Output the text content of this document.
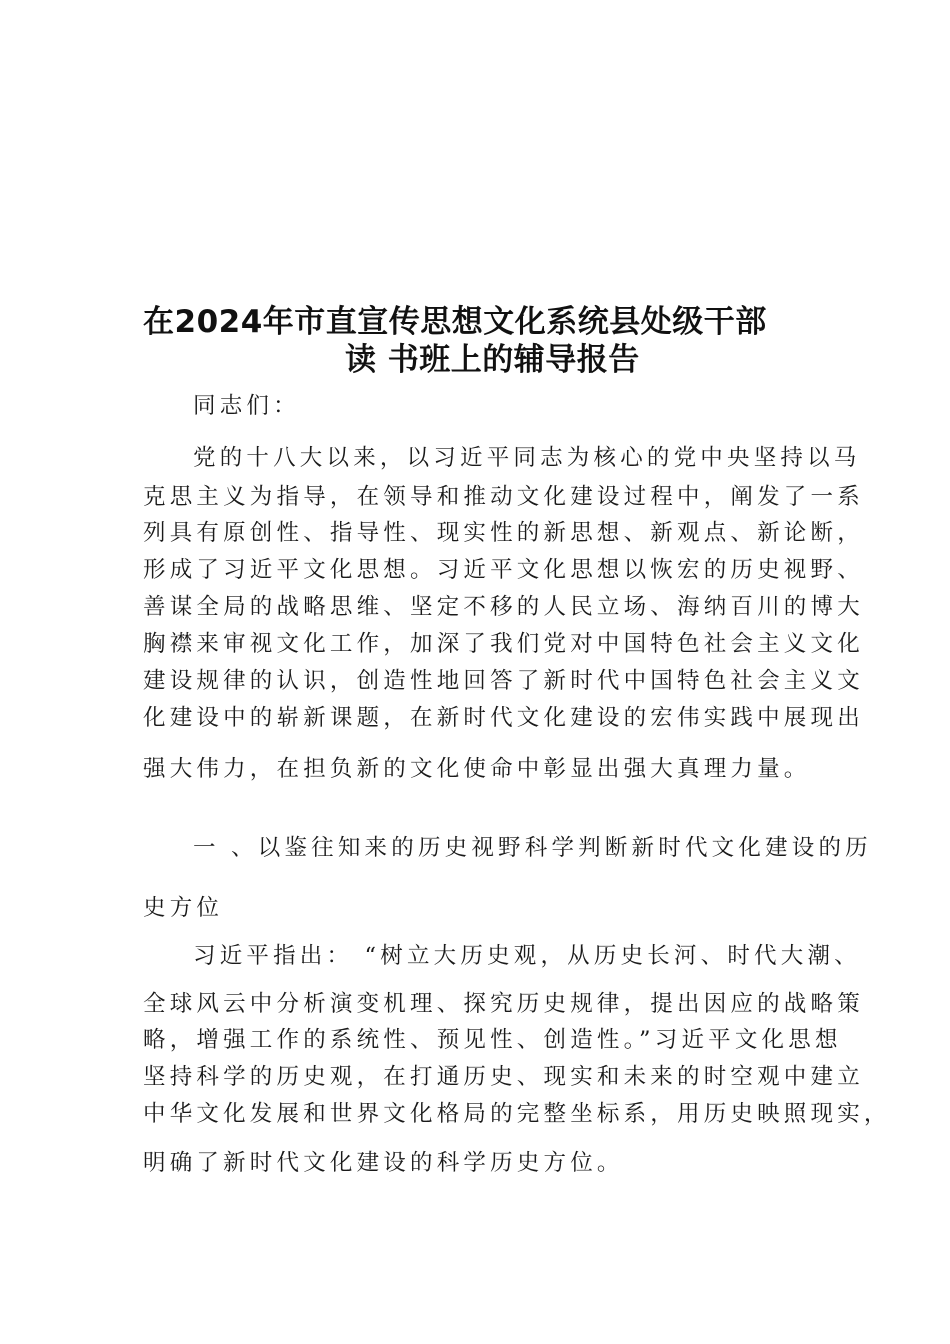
在2024年市直宣传思想文化系统县处级干部
读 书班上的辅导报告
同志们：
党的十八大以来，以习近平同志为核心的党中央坚持以马
克思主义为指导，在领导和推动文化建设过程中，阐发了一系
列具有原创性、指导性、现实性的新思想、新观点、新论断，
形成了习近平文化思想。习近平文化思想以恢宏的历史视野、
善谋全局的战略思维、坚定不移的人民立场、海纳百川的博大
胸襟来审视文化工作，加深了我们党对中国特色社会主义文化
建设规律的认识，创造性地回答了新时代中国特色社会主义文
化建设中的崭新课题，在新时代文化建设的宏伟实践中展现出
强大伟力，在担负新的文化使命中彰显出强大真理力量。
一 、以鉴往知来的历史视野科学判断新时代文化建设的历
史方位
习近平指出： “树立大历史观，从历史长河、时代大潮、
全球风云中分析演变机理、探究历史规律，提出因应的战略策
略，增强工作的系统性、预见性、创造性。”习近平文化思想
坚持科学的历史观，在打通历史、现实和未来的时空观中建立
中华文化发展和世界文化格局的完整坐标系，用历史映照现实，
明确了新时代文化建设的科学历史方位。
